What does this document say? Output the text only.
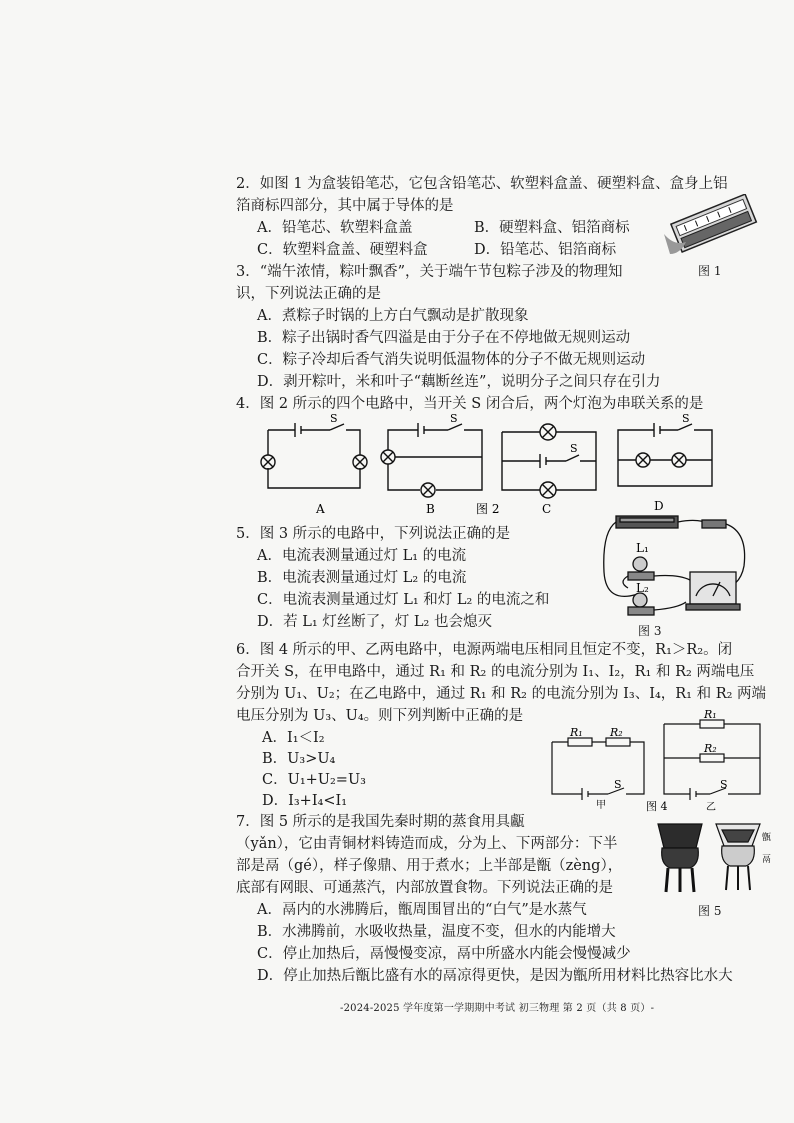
2．如图 1 为盒装铅笔芯，它包含铅笔芯、软塑料盒盖、硬塑料盒、盒身上铝
箔商标四部分，其中属于导体的是
A．铅笔芯、软塑料盒盖	B．硬塑料盒、铝箔商标
C．软塑料盒盖、硬塑料盒	D．铅笔芯、铝箔商标
图 1
3．“端午浓情，粽叶飘香”，关于端午节包粽子涉及的物理知
识，下列说法正确的是
A．煮粽子时锅的上方白气飘动是扩散现象
B．粽子出锅时香气四溢是由于分子在不停地做无规则运动
C．粽子冷却后香气消失说明低温物体的分子不做无规则运动
D．剥开粽叶，米和叶子“藕断丝连”，说明分子之间只存在引力
4．图 2 所示的四个电路中，当开关 S 闭合后，两个灯泡为串联关系的是
S	S
S
S
A	B	图 2	C	D
5．图 3 所示的电路中，下列说法正确的是
A．电流表测量通过灯 L₁ 的电流
B．电流表测量通过灯 L₂ 的电流
C．电流表测量通过灯 L₁ 和灯 L₂ 的电流之和
D．若 L₁ 灯丝断了，灯 L₂ 也会熄灭
L₁
L₂
图 3
6．图 4 所示的甲、乙两电路中，电源两端电压相同且恒定不变，R₁＞R₂。闭
合开关 S，在甲电路中，通过 R₁ 和 R₂ 的电流分别为 I₁、I₂，R₁ 和 R₂ 两端电压
分别为 U₁、U₂；在乙电路中，通过 R₁ 和 R₂ 的电流分别为 I₃、I₄，R₁ 和 R₂ 两端
电压分别为 U₃、U₄。则下列判断中正确的是
A．I₁＜I₂
B．U₃>U₄
C．U₁+U₂=U₃
D．I₃+I₄<I₁
R₁ R₂
S
甲
R₁
R₂
S
图 4	乙
7．图 5 所示的是我国先秦时期的蒸食用具甗
（yǎn），它由青铜材料铸造而成，分为上、下两部分：下半
部是鬲（gé），样子像鼎、用于煮水；上半部是甑（zèng），
底部有网眼、可通蒸汽，内部放置食物。下列说法正确的是
A．鬲内的水沸腾后，甑周围冒出的“白气”是水蒸气
B．水沸腾前，水吸收热量，温度不变，但水的内能增大
C．停止加热后，鬲慢慢变凉，鬲中所盛水内能会慢慢减少
D．停止加热后甑比盛有水的鬲凉得更快，是因为甑所用材料比热容比水大
甑
鬲
图 5
-2024-2025 学年度第一学期期中考试 初三物理 第 2 页（共 8 页）-
